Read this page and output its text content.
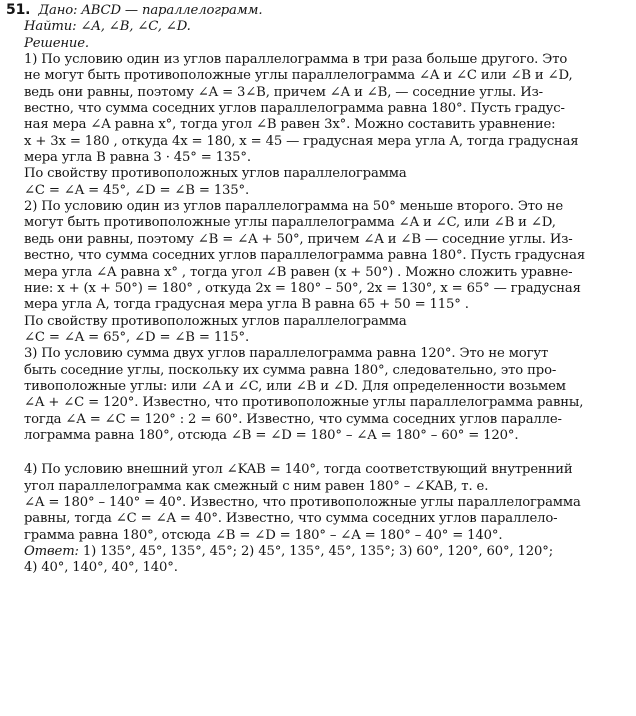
51. Дано: ABCD — параллелограмм.
Найти: ∠A, ∠B, ∠C, ∠D.
Решение.
1) По условию один из углов параллелограмма в три раза больше другого. Это
не могут быть противоположные углы параллелограмма ∠A и ∠C или ∠B и ∠D,
ведь они равны, поэтому ∠A = 3∠B, причем ∠A и ∠B, — соседние углы. Из-
вестно, что сумма соседних углов параллелограмма равна 180°. Пусть градус-
ная мера ∠A равна x°, тогда угол ∠B равен 3x°. Можно составить уравнение:
x + 3x = 180 , откуда 4x = 180, x = 45 — градусная мера угла A, тогда градусная
мера угла B равна 3 · 45° = 135°.
По свойству противоположных углов параллелограмма
∠C = ∠A = 45°, ∠D = ∠B = 135°.
2) По условию один из углов параллелограмма на 50° меньше второго. Это не
могут быть противоположные углы параллелограмма ∠A и ∠C, или ∠B и ∠D,
ведь они равны, поэтому ∠B = ∠A + 50°, причем ∠A и ∠B — соседние углы. Из-
вестно, что сумма соседних углов параллелограмма равна 180°. Пусть градусная
мера угла ∠A равна x° , тогда угол ∠B равен (x + 50°) . Можно сложить уравне-
ние: x + (x + 50°) = 180° , откуда 2x = 180° – 50°, 2x = 130°, x = 65° — градусная
мера угла A, тогда градусная мера угла B равна 65 + 50 = 115° .
По свойству противоположных углов параллелограмма
∠C = ∠A = 65°, ∠D = ∠B = 115°.
3) По условию сумма двух углов параллелограмма равна 120°. Это не могут
быть соседние углы, поскольку их сумма равна 180°, следовательно, это про-
тивоположные углы: или ∠A и ∠C, или ∠B и ∠D. Для определенности возьмем
∠A + ∠C = 120°. Известно, что противоположные углы параллелограмма равны,
тогда ∠A = ∠C = 120° : 2 = 60°. Известно, что сумма соседних углов паралле-
лограмма равна 180°, отсюда ∠B = ∠D = 180° – ∠A = 180° – 60° = 120°.
4) По условию внешний угол ∠KAB = 140°, тогда соответствующий внутренний
угол параллелограмма как смежный с ним равен 180° – ∠KAB, т. е.
∠A = 180° – 140° = 40°. Известно, что противоположные углы параллелограмма
равны, тогда ∠C = ∠A = 40°. Известно, что сумма соседних углов параллело-
грамма равна 180°, отсюда ∠B = ∠D = 180° – ∠A = 180° – 40° = 140°.
Ответ: 1) 135°, 45°, 135°, 45°; 2) 45°, 135°, 45°, 135°; 3) 60°, 120°, 60°, 120°;
4) 40°, 140°, 40°, 140°.
